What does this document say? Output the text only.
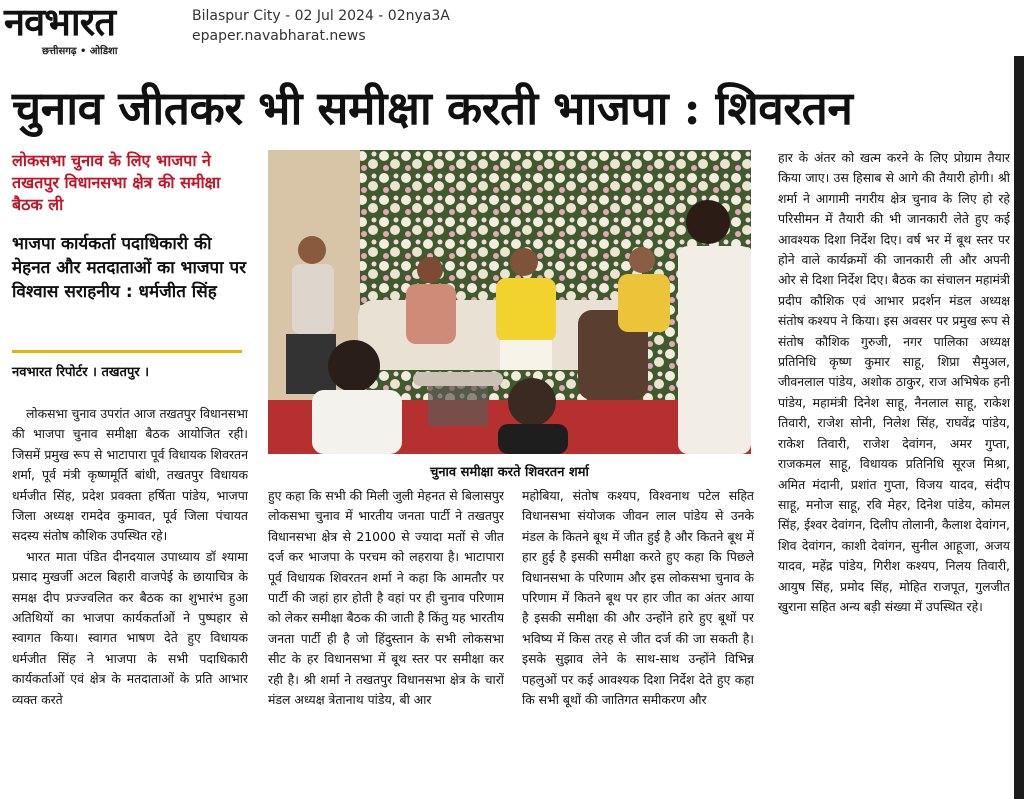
नवभारत
छत्तीसगढ़ • ओडिशा
Bilaspur City - 02 Jul 2024 - 02nya3A
epaper.navabharat.news
चुनाव जीतकर भी समीक्षा करती भाजपा : शिवरतन
लोकसभा चुनाव के लिए भाजपा ने तखतपुर विधानसभा क्षेत्र की समीक्षा बैठक ली
भाजपा कार्यकर्ता पदाधिकारी की मेहनत और मतदाताओं का भाजपा पर विश्वास सराहनीय : धर्मजीत सिंह
नवभारत रिपोर्टर । तखतपुर ।

लोकसभा चुनाव उपरांत आज तखतपुर विधानसभा की भाजपा चुनाव समीक्षा बैठक आयोजित रही। जिसमें प्रमुख रूप से भाटापारा पूर्व विधायक शिवरतन शर्मा, पूर्व मंत्री कृष्णमूर्ति बांधी, तखतपुर विधायक धर्मजीत सिंह, प्रदेश प्रवक्ता हर्षिता पांडेय, भाजपा जिला अध्यक्ष रामदेव कुमावत, पूर्व जिला पंचायत सदस्य संतोष कौशिक उपस्थित रहे।

भारत माता पंडित दीनदयाल उपाध्याय डॉ श्यामा प्रसाद मुखर्जी अटल बिहारी वाजपेई के छायाचित्र के समक्ष दीप प्रज्ज्वलित कर बैठक का शुभारंभ हुआ अतिथियों का भाजपा कार्यकर्ताओं ने पुष्पहार से स्वागत किया। स्वागत भाषण देते हुए विधायक धर्मजीत सिंह ने भाजपा के सभी पदाधिकारी कार्यकर्ताओं एवं क्षेत्र के मतदाताओं के प्रति आभार व्यक्त करते

चुनाव समीक्षा करते शिवरतन शर्मा

हुए कहा कि सभी की मिली जुली मेहनत से बिलासपुर लोकसभा चुनाव में भारतीय जनता पार्टी ने तखतपुर विधानसभा क्षेत्र से 21000 से ज्यादा मतों से जीत दर्ज कर भाजपा के परचम को लहराया है। भाटापारा पूर्व विधायक शिवरतन शर्मा ने कहा कि आमतौर पर पार्टी की जहां हार होती है वहां पर ही चुनाव परिणाम को लेकर समीक्षा बैठक की जाती है किंतु यह भारतीय जनता पार्टी ही है जो हिंदुस्तान के सभी लोकसभा सीट के हर विधानसभा में बूथ स्तर पर समीक्षा कर रही है। श्री शर्मा ने तखतपुर विधानसभा क्षेत्र के चारों मंडल अध्यक्ष त्रेतानाथ पांडेय, बी आर

महोबिया, संतोष कश्यप, विश्वनाथ पटेल सहित विधानसभा संयोजक जीवन लाल पांडेय से उनके मंडल के कितने बूथ में जीत हुई है और कितने बूथ में हार हुई है इसकी समीक्षा करते हुए कहा कि पिछले विधानसभा के परिणाम और इस लोकसभा चुनाव के परिणाम में कितने बूथ पर हार जीत का अंतर आया है इसकी समीक्षा की और उन्होंने हारे हुए बूथों पर भविष्य में किस तरह से जीत दर्ज की जा सकती है। इसके सुझाव लेने के साथ-साथ उन्होंने विभिन्न पहलुओं पर कई आवश्यक दिशा निर्देश देते हुए कहा कि सभी बूथों की जातिगत समीकरण और

हार के अंतर को खत्म करने के लिए प्रोग्राम तैयार किया जाए। उस हिसाब से आगे की तैयारी होगी। श्री शर्मा ने आगामी नगरीय क्षेत्र चुनाव के लिए हो रहे परिसीमन में तैयारी की भी जानकारी लेते हुए कई आवश्यक दिशा निर्देश दिए। वर्ष भर में बूथ स्तर पर होने वाले कार्यक्रमों की जानकारी ली और अपनी ओर से दिशा निर्देश दिए। बैठक का संचालन महामंत्री प्रदीप कौशिक एवं आभार प्रदर्शन मंडल अध्यक्ष संतोष कश्यप ने किया। इस अवसर पर प्रमुख रूप से संतोष कौशिक गुरुजी, नगर पालिका अध्यक्ष प्रतिनिधि कृष्ण कुमार साहू, शिप्रा सैमुअल, जीवनलाल पांडेय, अशोक ठाकुर, राज अभिषेक हनी पांडेय, महामंत्री दिनेश साहू, नैनलाल साहू, राकेश तिवारी, राजेश सोनी, निलेश सिंह, राघवेंद्र पांडेय, राकेश तिवारी, राजेश देवांगन, अमर गुप्ता, राजकमल साहू, विधायक प्रतिनिधि सूरज मिश्रा, अमित मंदानी, प्रशांत गुप्ता, विजय यादव, संदीप साहू, मनोज साहू, रवि मेहर, दिनेश पांडेय, कोमल सिंह, ईश्वर देवांगन, दिलीप तोलानी, कैलाश देवांगन, शिव देवांगन, काशी देवांगन, सुनील आहूजा, अजय यादव, महेंद्र पांडेय, गिरीश कश्यप, निलय तिवारी, आयुष सिंह, प्रमोद सिंह, मोहित राजपूत, गुलजीत खुराना सहित अन्य बड़ी संख्या में उपस्थित रहे।
